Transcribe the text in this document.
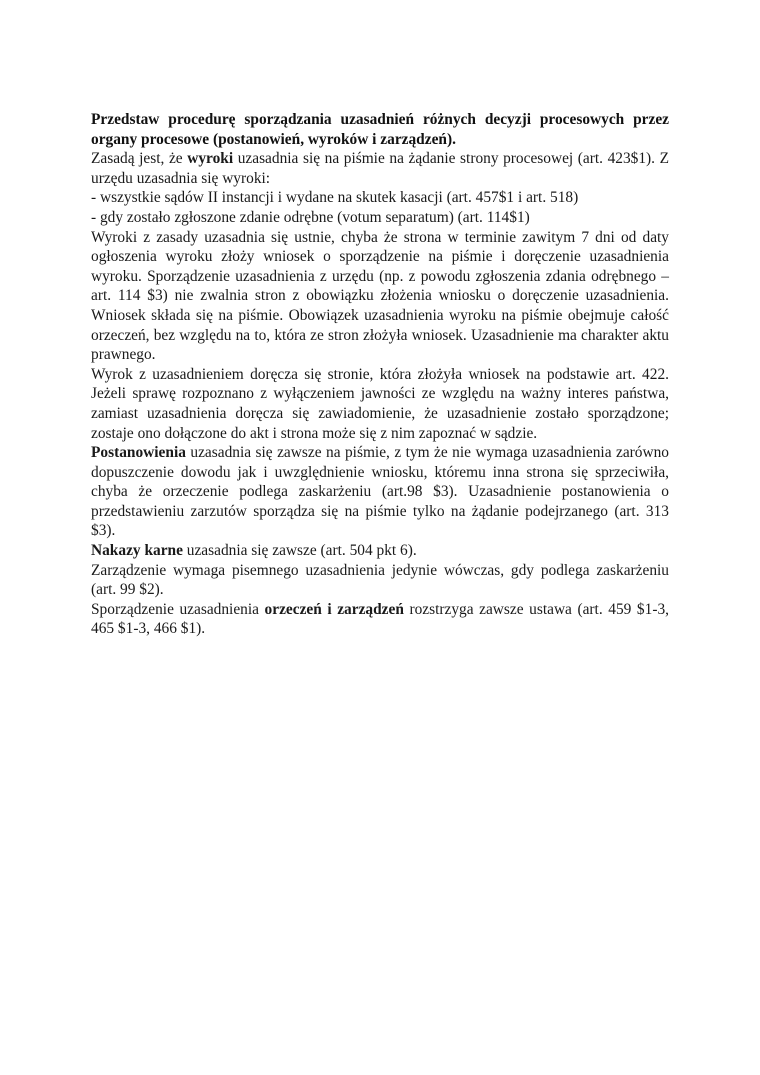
Przedstaw procedurę sporządzania uzasadnień różnych decyzji procesowych przez organy procesowe (postanowień, wyroków i zarządzeń).

Zasadą jest, że wyroki uzasadnia się na piśmie na żądanie strony procesowej (art. 423$1). Z urzędu uzasadnia się wyroki:

- wszystkie sądów II instancji i wydane na skutek kasacji (art. 457$1 i art. 518)

- gdy zostało zgłoszone zdanie odrębne (votum separatum) (art. 114$1)

Wyroki z zasady uzasadnia się ustnie, chyba że strona w terminie zawitym 7 dni od daty ogłoszenia wyroku złoży wniosek o sporządzenie na piśmie i doręczenie uzasadnienia wyroku. Sporządzenie uzasadnienia z urzędu (np. z powodu zgłoszenia zdania odrębnego – art. 114 $3) nie zwalnia stron z obowiązku złożenia wniosku o doręczenie uzasadnienia. Wniosek składa się na piśmie. Obowiązek uzasadnienia wyroku na piśmie obejmuje całość orzeczeń, bez względu na to, która ze stron złożyła wniosek. Uzasadnienie ma charakter aktu prawnego.

Wyrok z uzasadnieniem doręcza się stronie, która złożyła wniosek na podstawie art. 422. Jeżeli sprawę rozpoznano z wyłączeniem jawności ze względu na ważny interes państwa, zamiast uzasadnienia doręcza się zawiadomienie, że uzasadnienie zostało sporządzone; zostaje ono dołączone do akt i strona może się z nim zapoznać w sądzie.

Postanowienia uzasadnia się zawsze na piśmie, z tym że nie wymaga uzasadnienia zarówno dopuszczenie dowodu jak i uwzględnienie wniosku, któremu inna strona się sprzeciwiła, chyba że orzeczenie podlega zaskarżeniu (art.98 $3). Uzasadnienie postanowienia o przedstawieniu zarzutów sporządza się na piśmie tylko na żądanie podejrzanego (art. 313 $3).

Nakazy karne uzasadnia się zawsze (art. 504 pkt 6).

Zarządzenie wymaga pisemnego uzasadnienia jedynie wówczas, gdy podlega zaskarżeniu (art. 99 $2).

Sporządzenie uzasadnienia orzeczeń i zarządzeń rozstrzyga zawsze ustawa (art. 459 $1-3, 465 $1-3, 466 $1).
